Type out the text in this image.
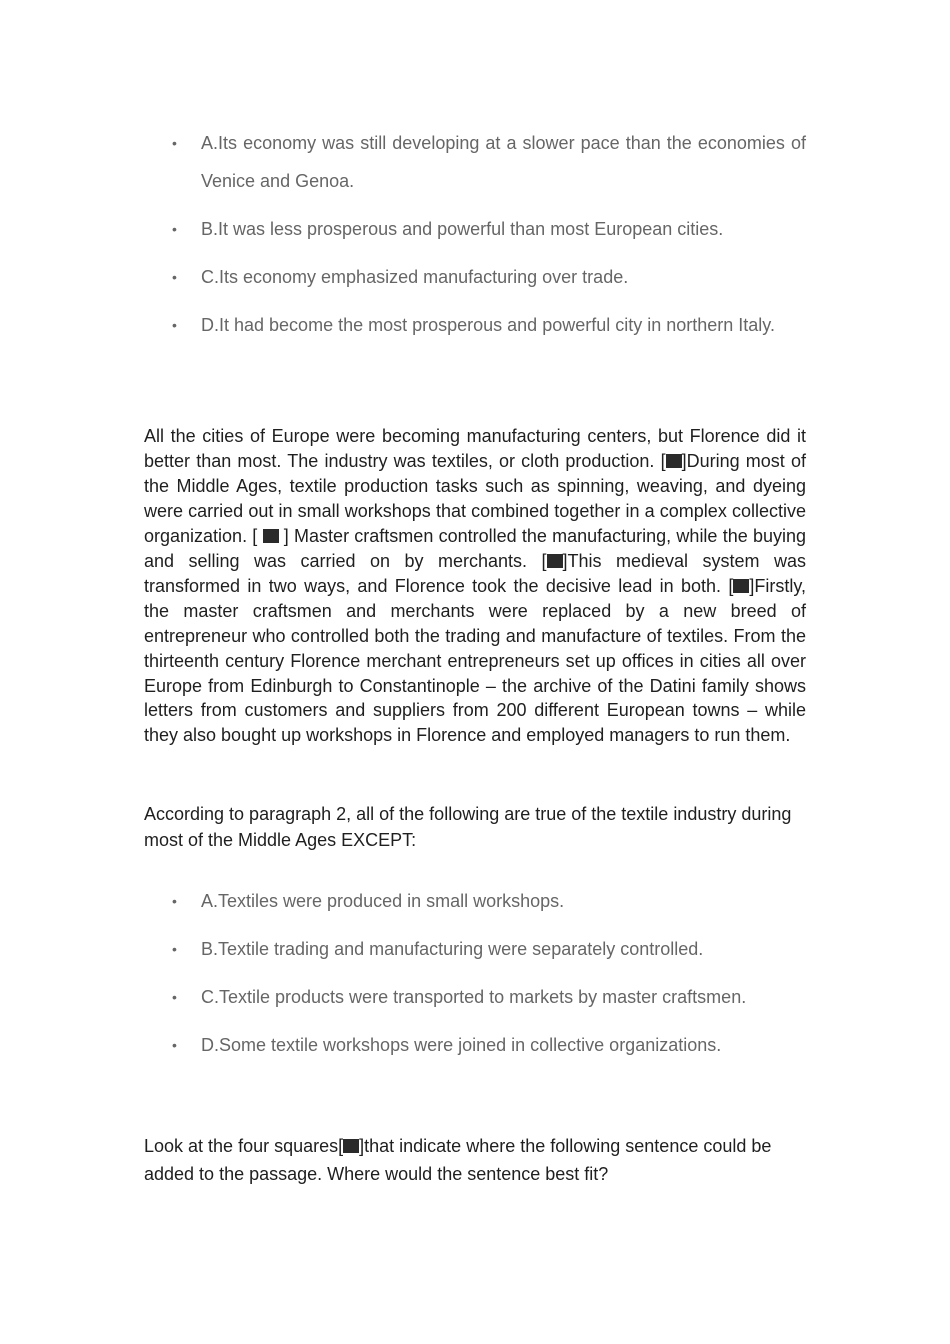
• A.Its economy was still developing at a slower pace than the economies of Venice and Genoa.
• B.It was less prosperous and powerful than most European cities.
• C.Its economy emphasized manufacturing over trade.
• D.It had become the most prosperous and powerful city in northern Italy.

All the cities of Europe were becoming manufacturing centers, but Florence did it better than most. The industry was textiles, or cloth production. [ ]During most of the Middle Ages, textile production tasks such as spinning, weaving, and dyeing were carried out in small workshops that combined together in a complex collective organization. [  ] Master craftsmen controlled the manufacturing, while the buying and selling was carried on by merchants. [ ]This medieval system was transformed in two ways, and Florence took the decisive lead in both. [ ]Firstly, the master craftsmen and merchants were replaced by a new breed of entrepreneur who controlled both the trading and manufacture of textiles. From the thirteenth century Florence merchant entrepreneurs set up offices in cities all over Europe from Edinburgh to Constantinople – the archive of the Datini family shows letters from customers and suppliers from 200 different European towns – while they also bought up workshops in Florence and employed managers to run them.

According to paragraph 2, all of the following are true of the textile industry during most of the Middle Ages EXCEPT:

• A.Textiles were produced in small workshops.
• B.Textile trading and manufacturing were separately controlled.
• C.Textile products were transported to markets by master craftsmen.
• D.Some textile workshops were joined in collective organizations.

Look at the four squares[ ]that indicate where the following sentence could be added to the passage. Where would the sentence best fit?
